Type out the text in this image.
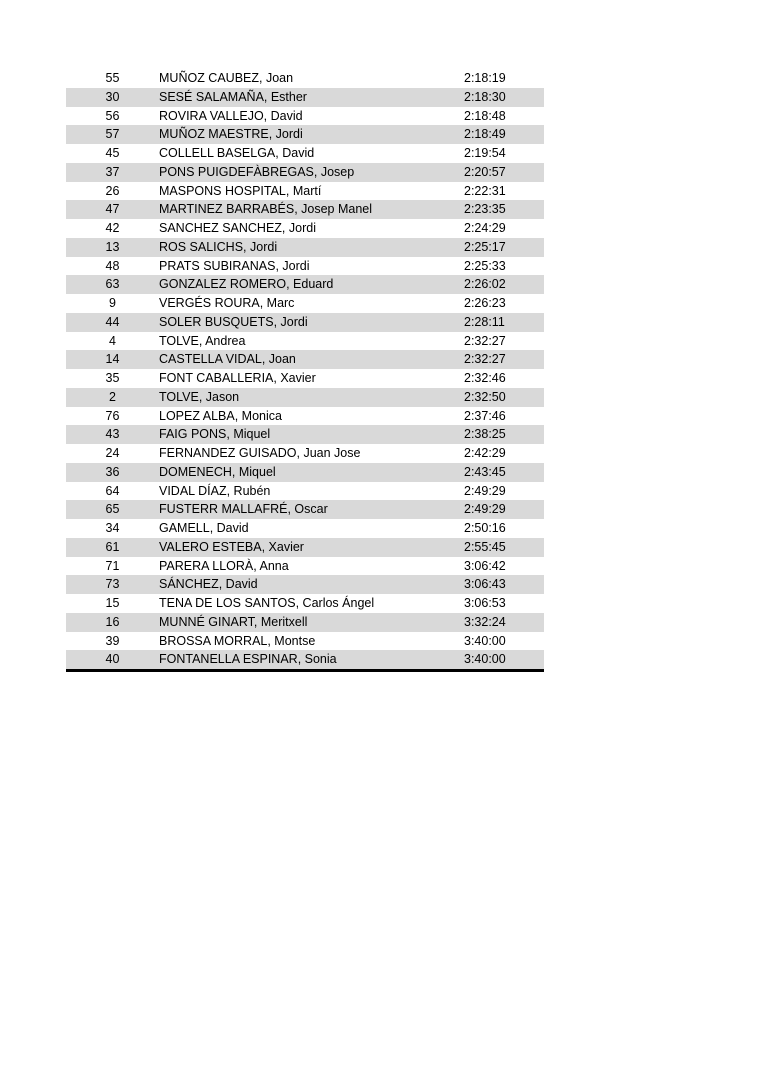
55	MUÑOZ CAUBEZ, Joan	2:18:19
30	SESÉ SALAMAÑA, Esther	2:18:30
56	ROVIRA VALLEJO, David	2:18:48
57	MUÑOZ MAESTRE, Jordi	2:18:49
45	COLLELL BASELGA, David	2:19:54
37	PONS PUIGDEFÀBREGAS, Josep	2:20:57
26	MASPONS HOSPITAL, Martí	2:22:31
47	MARTINEZ BARRABÉS, Josep Manel	2:23:35
42	SANCHEZ SANCHEZ, Jordi	2:24:29
13	ROS SALICHS, Jordi	2:25:17
48	PRATS SUBIRANAS, Jordi	2:25:33
63	GONZALEZ ROMERO, Eduard	2:26:02
9	VERGÉS ROURA, Marc	2:26:23
44	SOLER BUSQUETS, Jordi	2:28:11
4	TOLVE, Andrea	2:32:27
14	CASTELLA VIDAL, Joan	2:32:27
35	FONT CABALLERIA, Xavier	2:32:46
2	TOLVE, Jason	2:32:50
76	LOPEZ ALBA, Monica	2:37:46
43	FAIG PONS, Miquel	2:38:25
24	FERNANDEZ GUISADO, Juan Jose	2:42:29
36	DOMENECH, Miquel	2:43:45
64	VIDAL DÍAZ, Rubén	2:49:29
65	FUSTERR MALLAFRÉ, Oscar	2:49:29
34	GAMELL, David	2:50:16
61	VALERO ESTEBA, Xavier	2:55:45
71	PARERA LLORÀ, Anna	3:06:42
73	SÁNCHEZ, David	3:06:43
15	TENA DE LOS SANTOS, Carlos Ángel	3:06:53
16	MUNNÉ GINART, Meritxell	3:32:24
39	BROSSA MORRAL, Montse	3:40:00
40	FONTANELLA ESPINAR, Sonia	3:40:00
